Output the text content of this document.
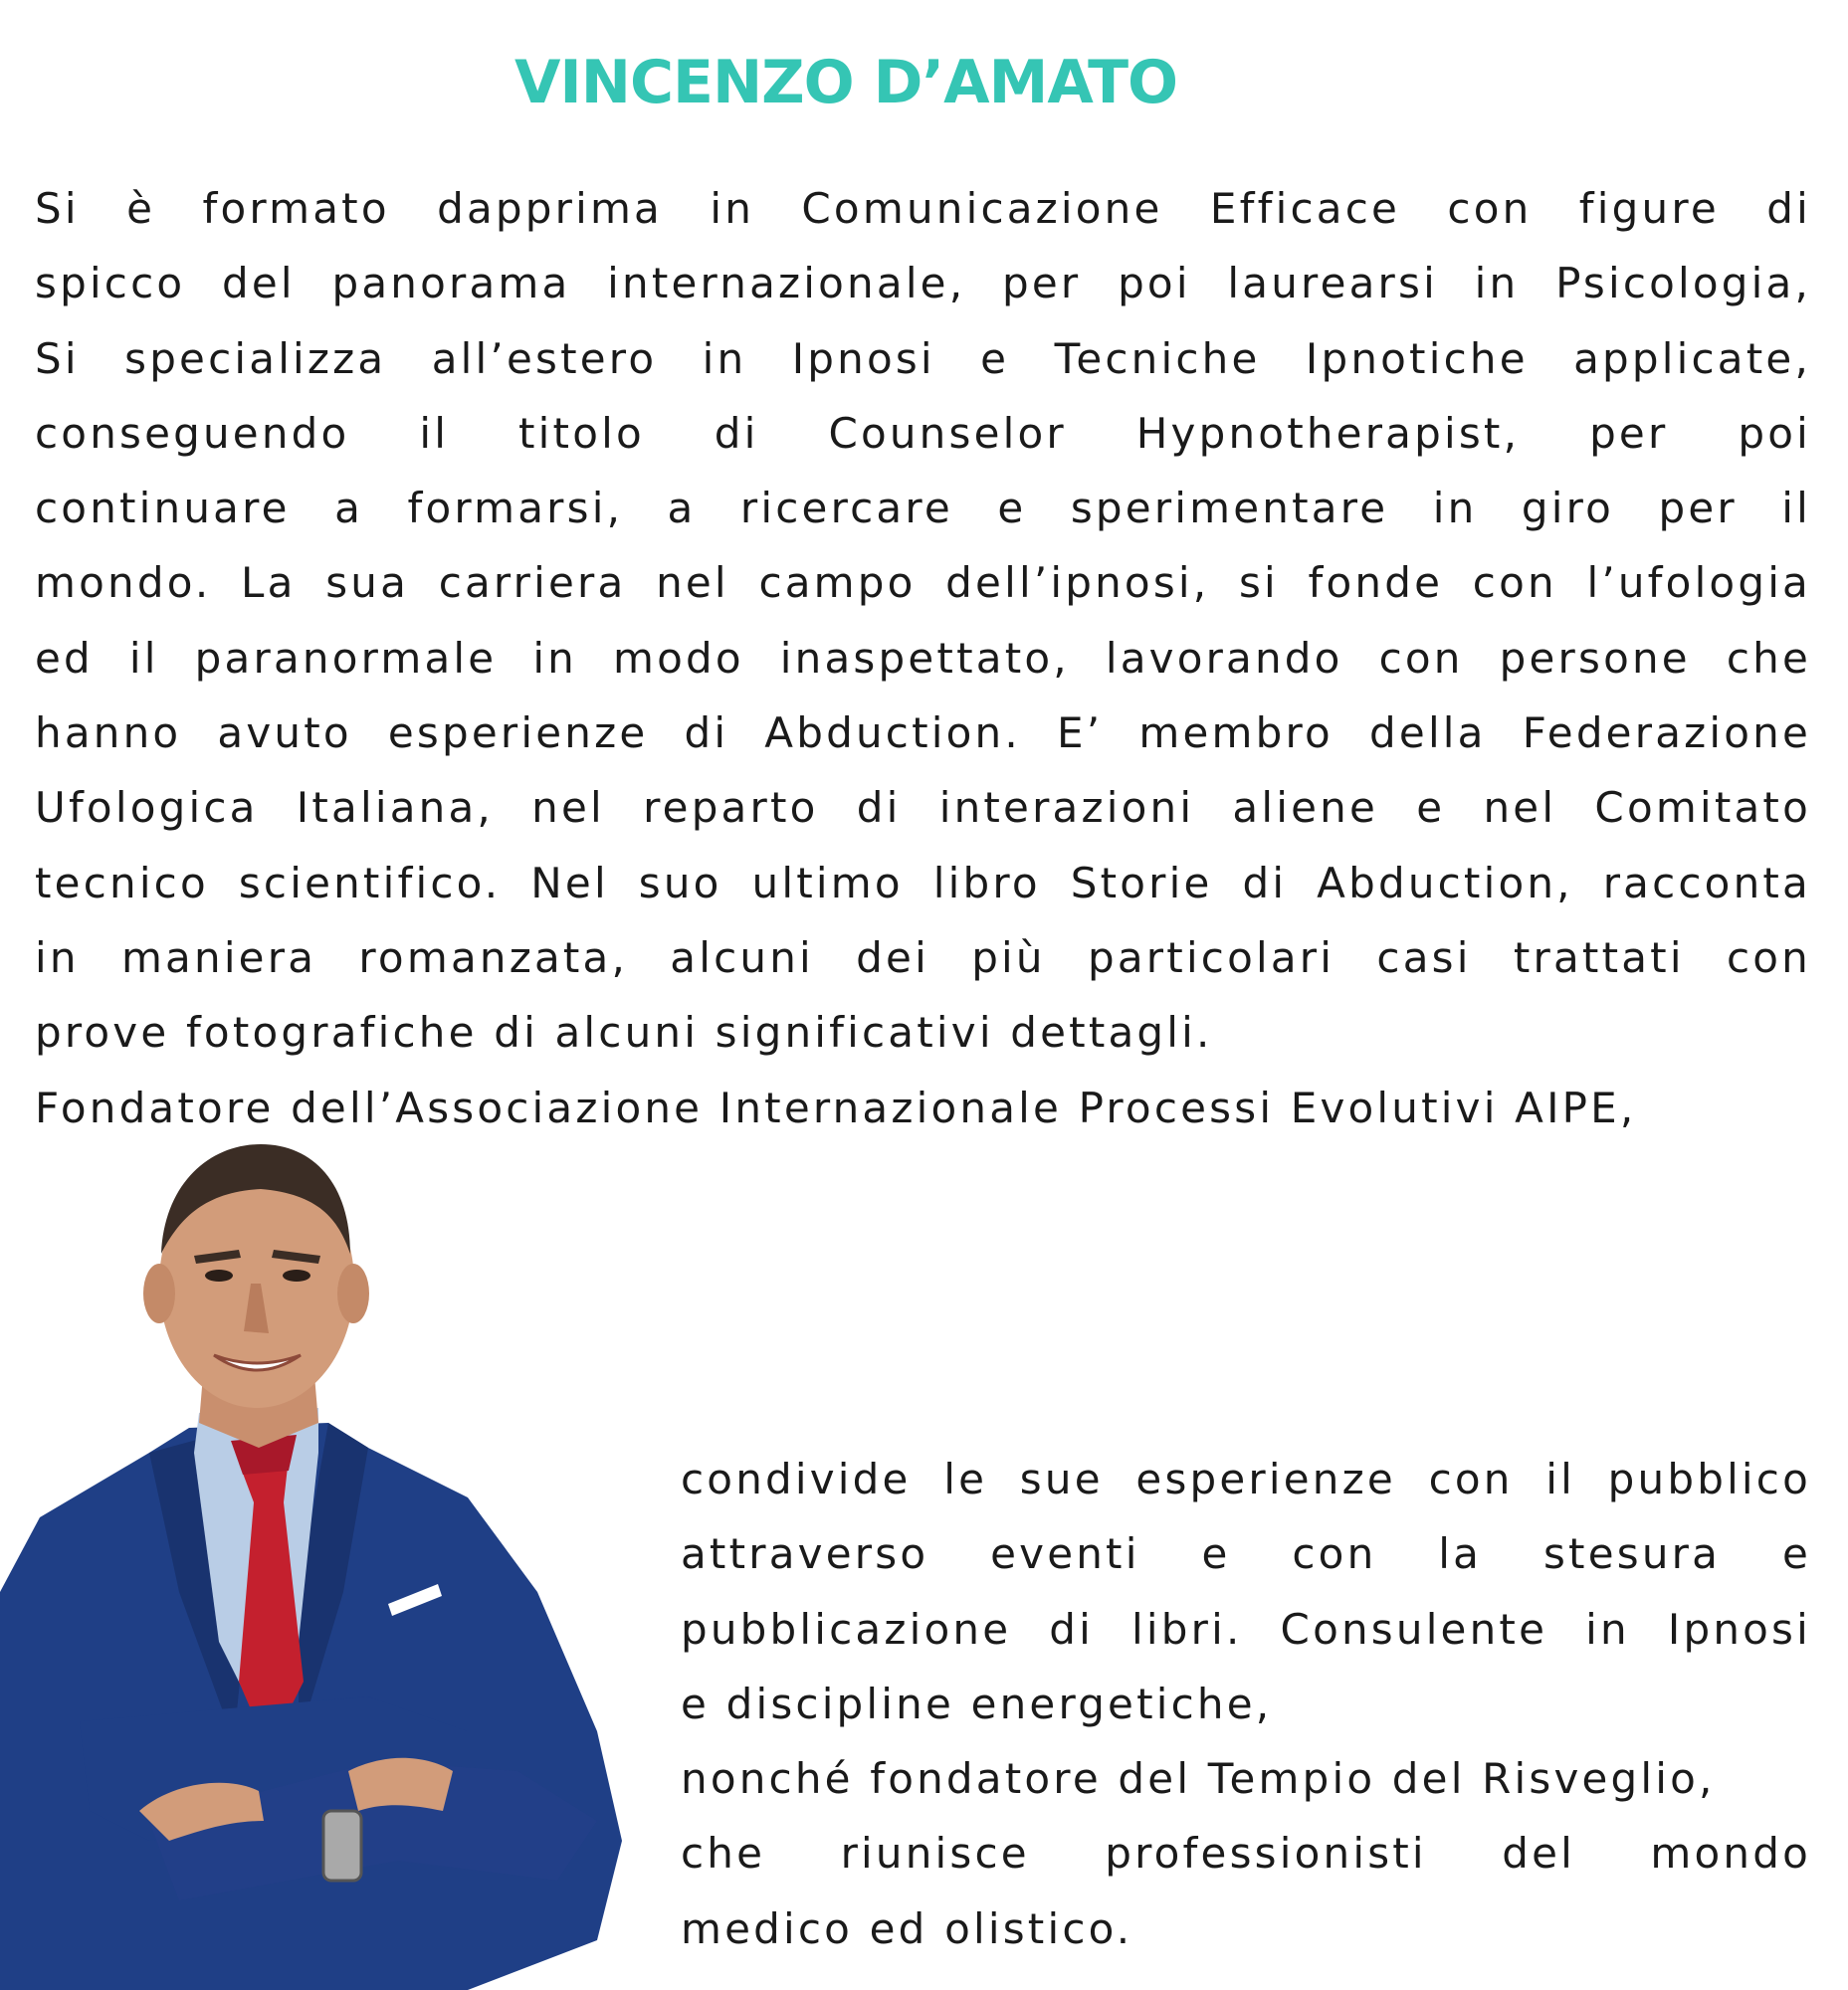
VINCENZO D’AMATO
Si è formato dapprima in Comunicazione Efficace con figure di
spicco del panorama internazionale, per poi laurearsi in Psicologia,
Si specializza all’estero in Ipnosi e Tecniche Ipnotiche applicate,
conseguendo il titolo di Counselor Hypnotherapist, per poi
continuare a formarsi, a ricercare e sperimentare in giro per il
mondo. La sua carriera nel campo dell’ipnosi, si fonde con l’ufologia
ed il paranormale in modo inaspettato, lavorando con persone che
hanno avuto esperienze di Abduction. E’ membro della Federazione
Ufologica Italiana, nel reparto di interazioni aliene e nel Comitato
tecnico scientifico. Nel suo ultimo libro Storie di Abduction, racconta
in maniera romanzata, alcuni dei più particolari casi trattati con
prove fotografiche di alcuni significativi dettagli.
Fondatore dell’Associazione Internazionale Processi Evolutivi AIPE,
condivide le sue esperienze con il pubblico
attraverso eventi e con la stesura e
pubblicazione di libri. Consulente in Ipnosi
e discipline energetiche,
nonché fondatore del Tempio del Risveglio,
che riunisce professionisti del mondo
medico ed olistico.
